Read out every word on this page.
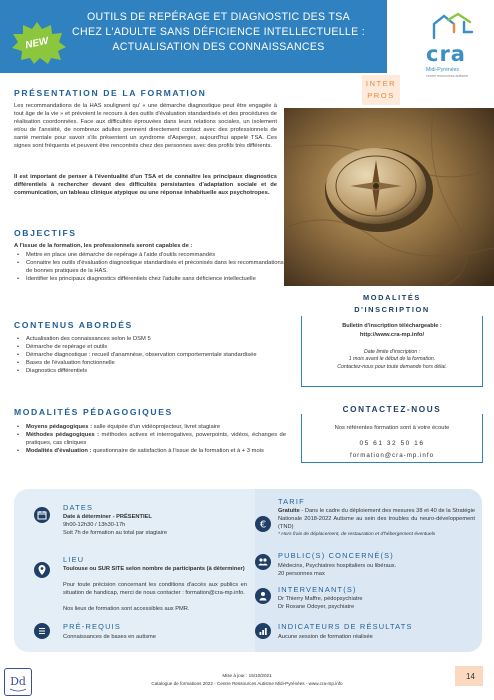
NEW
OUTILS DE REPÉRAGE ET DIAGNOSTIC DES TSA
CHEZ L'ADULTE SANS DÉFICIENCE INTELLECTUELLE :
ACTUALISATION DES CONNAISSANCES	cra
Midi-Pyrénées
centre ressources autisme
INTER
PROS
PRÉSENTATION DE LA FORMATION
Les recommandations de la HAS soulignent qu' « une démarche diagnostique peut être engagée à tout âge de la vie » et prévoient le recours à des outils d'évaluation standardisés et des procédures de réalisation coordonnées. Face aux difficultés éprouvées dans leurs relations sociales, un isolement et/ou de l'anxiété, de nombreux adultes prennent directement contact avec des professionnels de santé mentale pour savoir s'ils présentent un syndrome d'Asperger, aujourd'hui appelé TSA. Ces signes sont fréquents et peuvent être rencontrés chez des personnes avec des profils très différents.
Il est important de penser à l'éventualité d'un TSA et de connaître les principaux diagnostics différentiels à rechercher devant des difficultés persistantes d'adaptation sociale et de communication, un tableau clinique atypique ou une réponse inhabituelle aux psychotropes.
OBJECTIFS
A l'issue de la formation, les professionnels seront capables de :
• Mettre en place une démarche de repérage à l'aide d'outils recommandés
• Connaitre les outils d'évaluation diagnostique standardisés et préconisés dans les recommandations de bonnes pratiques de la HAS.
• Identifier les principaux diagnostics différentiels chez l'adulte sans déficience intellectuelle
CONTENUS ABORDÉS
• Actualisation des connaissances selon le DSM 5
• Démarche de repérage et outils
• Démarche diagnostique : recueil d'anamnèse, observation comportementale standardisée
• Bases de l'évaluation fonctionnelle
• Diagnostics différentiels
MODALITÉS PÉDAGOGIQUES
• Moyens pédagogiques : salle équipée d'un vidéoprojecteur, livret stagiaire
• Méthodes pédagogiques : méthodes actives et interrogatives, powerpoints, vidéos, échanges de pratiques, cas cliniques
• Modalités d'évaluation : questionnaire de satisfaction à l'issue de la formation et à + 3 mois
MODALITÉS
D'INSCRIPTION
Bulletin d'inscription téléchargeable :
http://www.cra-mp.info/
Date limite d'inscription :
1 mois avant le début de la formation.
Contactez-nous pour toute demande hors délai.
CONTACTEZ-NOUS
Nos référentes formation sont à votre écoute
05 61 32 50 16
formation@cra-mp.info
DATES
Date à déterminer - PRÉSENTIEL
9h00-12h30 / 13h30-17h
Soit 7h de formation au total par stagiaire
LIEU
Toulouse ou SUR SITE selon nombre de participants (à déterminer)
Pour toute précision concernant les conditions d'accès aux publics en situation de handicap, merci de nous contacter : formation@cra-mp.info.
Nos lieux de formation sont accessibles aux PMR.
PRÉ-REQUIS
Connaissances de bases en autisme
€
TARIF
Gratuite - Dans le cadre du déploiement des mesures 38 et 40 de la Stratégie Nationale 2018-2022 Autisme au sein des troubles du neuro-développement (TND)
* Hors frais de déplacement, de restauration et d'hébergement éventuels
PUBLIC(S) CONCERNÉ(S)
Médecins, Psychiatres hospitaliers ou libéraux.
20 personnes max
INTERVENANT(S)
Dr Thierry Maffre, pédopsychiatre
Dr Roxane Odoyer, psychiatre
INDICATEURS DE RÉSULTATS
Aucune session de formation réalisée
Dd	Mise à jour : 15/10/2021
Catalogue de formations 2022 - Centre Ressources Autisme Midi-Pyrénées - www.cra-mp.info
14
